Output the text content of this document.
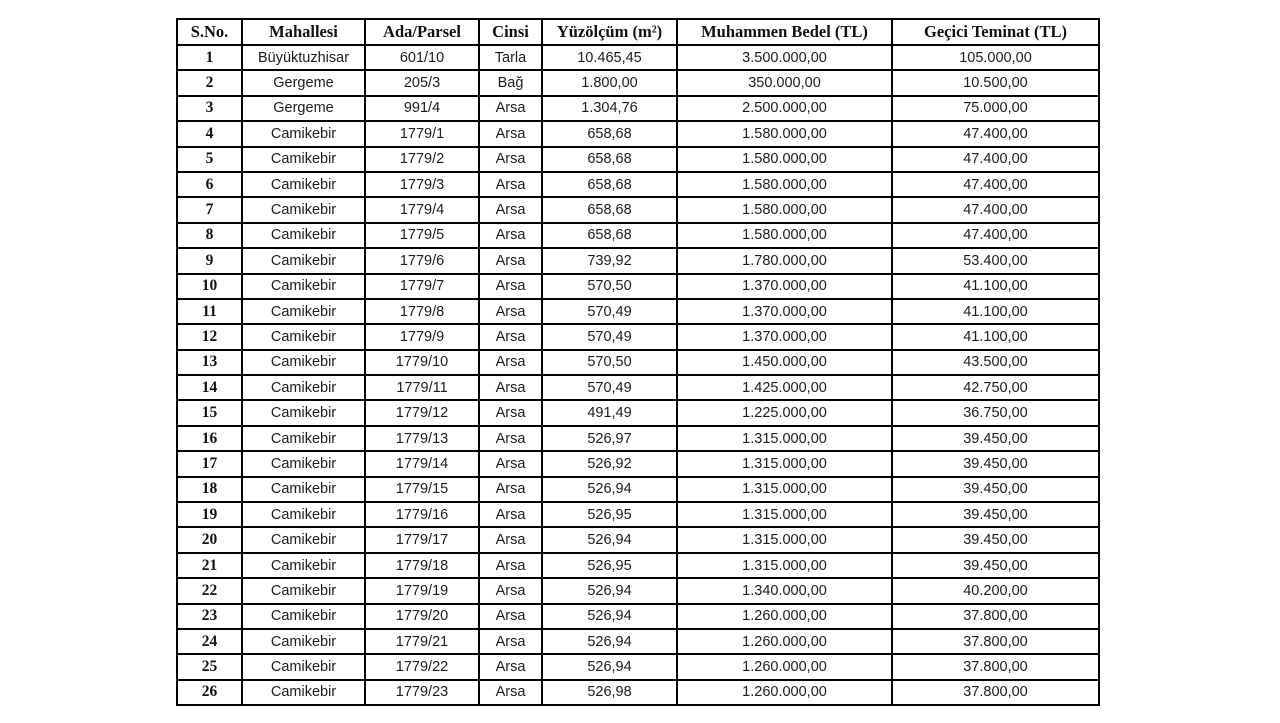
S.No.	Mahallesi	Ada/Parsel	Cinsi	Yüzölçüm (m²)	Muhammen Bedel (TL)	Geçici Teminat (TL)
1	Büyüktuzhisar	601/10	Tarla	10.465,45	3.500.000,00	105.000,00
2	Gergeme	205/3	Bağ	1.800,00	350.000,00	10.500,00
3	Gergeme	991/4	Arsa	1.304,76	2.500.000,00	75.000,00
4	Camikebir	1779/1	Arsa	658,68	1.580.000,00	47.400,00
5	Camikebir	1779/2	Arsa	658,68	1.580.000,00	47.400,00
6	Camikebir	1779/3	Arsa	658,68	1.580.000,00	47.400,00
7	Camikebir	1779/4	Arsa	658,68	1.580.000,00	47.400,00
8	Camikebir	1779/5	Arsa	658,68	1.580.000,00	47.400,00
9	Camikebir	1779/6	Arsa	739,92	1.780.000,00	53.400,00
10	Camikebir	1779/7	Arsa	570,50	1.370.000,00	41.100,00
11	Camikebir	1779/8	Arsa	570,49	1.370.000,00	41.100,00
12	Camikebir	1779/9	Arsa	570,49	1.370.000,00	41.100,00
13	Camikebir	1779/10	Arsa	570,50	1.450.000,00	43.500,00
14	Camikebir	1779/11	Arsa	570,49	1.425.000,00	42.750,00
15	Camikebir	1779/12	Arsa	491,49	1.225.000,00	36.750,00
16	Camikebir	1779/13	Arsa	526,97	1.315.000,00	39.450,00
17	Camikebir	1779/14	Arsa	526,92	1.315.000,00	39.450,00
18	Camikebir	1779/15	Arsa	526,94	1.315.000,00	39.450,00
19	Camikebir	1779/16	Arsa	526,95	1.315.000,00	39.450,00
20	Camikebir	1779/17	Arsa	526,94	1.315.000,00	39.450,00
21	Camikebir	1779/18	Arsa	526,95	1.315.000,00	39.450,00
22	Camikebir	1779/19	Arsa	526,94	1.340.000,00	40.200,00
23	Camikebir	1779/20	Arsa	526,94	1.260.000,00	37.800,00
24	Camikebir	1779/21	Arsa	526,94	1.260.000,00	37.800,00
25	Camikebir	1779/22	Arsa	526,94	1.260.000,00	37.800,00
26	Camikebir	1779/23	Arsa	526,98	1.260.000,00	37.800,00
